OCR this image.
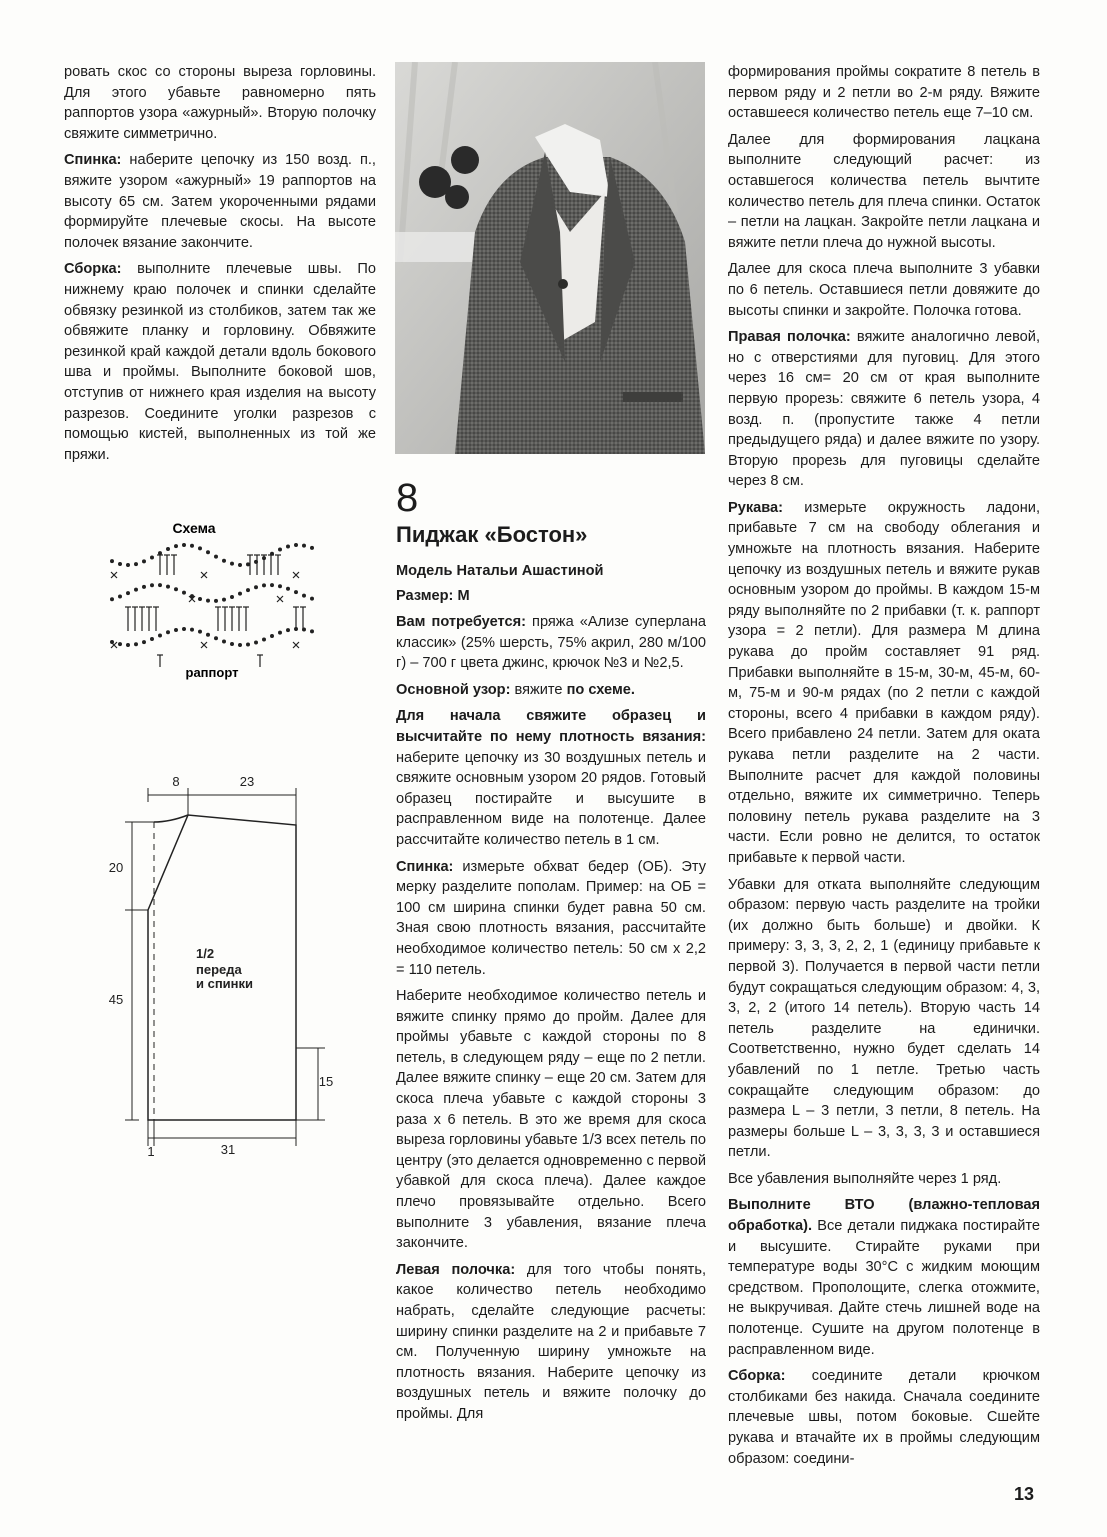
ровать скос со стороны выреза горловины. Для этого убавьте равномерно пять раппортов узора «ажурный». Вторую полочку свяжите симметрично.

Спинка: наберите цепочку из 150 возд. п., вяжите узором «ажурный» 19 раппортов на высоту 65 см. Затем укороченными рядами формируйте плечевые скосы. На высоте полочек вязание закончите.

Сборка: выполните плечевые швы. По нижнему краю полочек и спинки сделайте обвязку резинкой из столбиков, затем так же обвяжите планку и горловину. Обвяжите резинкой край каждой детали вдоль бокового шва и проймы. Выполните боковой шов, отступив от нижнего края изделия на высоту разрезов. Соедините уголки разрезов с помощью кистей, выполненных из той же пряжи.

Схема
раппорт
8	23
20
45
15
1	31
1/2
переда
и спинки
8
Пиджак «Бостон»
Модель Натальи Ашастиной
Размер: М

Вам потребуется: пряжа «Ализе суперлана классик» (25% шерсть, 75% акрил, 280 м/100 г) – 700 г цвета джинс, крючок №3 и №2,5.

Основной узор: вяжите по схеме.

Для начала свяжите образец и высчитайте по нему плотность вязания: наберите цепочку из 30 воздушных петель и свяжите основным узором 20 рядов. Готовый образец постирайте и высушите в расправленном виде на полотенце. Далее рассчитайте количество петель в 1 см.

Спинка: измерьте обхват бедер (ОБ). Эту мерку разделите пополам. Пример: на ОБ = 100 см ширина спинки будет равна 50 см. Зная свою плотность вязания, рассчитайте необходимое количество петель: 50 см х 2,2 = 110 петель.

Наберите необходимое количество петель и вяжите спинку прямо до пройм. Далее для проймы убавьте с каждой стороны по 8 петель, в следующем ряду – еще по 2 петли. Далее вяжите спинку – еще 20 см. Затем для скоса плеча убавьте с каждой стороны 3 раза х 6 петель. В это же время для скоса выреза горловины убавьте 1/3 всех петель по центру (это делается одновременно с первой убавкой для скоса плеча). Далее каждое плечо провязывайте отдельно. Всего выполните 3 убавления, вязание плеча закончите.

Левая полочка: для того чтобы понять, какое количество петель необходимо набрать, сделайте следующие расчеты: ширину спинки разделите на 2 и прибавьте 7 см. Полученную ширину умножьте на плотность вязания. Наберите цепочку из воздушных петель и вяжите полочку до проймы. Для

формирования проймы сократите 8 петель в первом ряду и 2 петли во 2-м ряду. Вяжите оставшееся количество петель еще 7–10 см.

Далее для формирования лацкана выполните следующий расчет: из оставшегося количества петель вычтите количество петель для плеча спинки. Остаток – петли на лацкан. Закройте петли лацкана и вяжите петли плеча до нужной высоты.

Далее для скоса плеча выполните 3 убавки по 6 петель. Оставшиеся петли довяжите до высоты спинки и закройте. Полочка готова.

Правая полочка: вяжите аналогично левой, но с отверстиями для пуговиц. Для этого через 16 см= 20 см от края выполните первую прорезь: свяжите 6 петель узора, 4 возд. п. (пропустите также 4 петли предыдущего ряда) и далее вяжите по узору. Вторую прорезь для пуговицы сделайте через 8 см.

Рукава: измерьте окружность ладони, прибавьте 7 см на свободу облегания и умножьте на плотность вязания. Наберите цепочку из воздушных петель и вяжите рукав основным узором до проймы. В каждом 15-м ряду выполняйте по 2 прибавки (т. к. раппорт узора = 2 петли). Для размера М длина рукава до пройм составляет 91 ряд. Прибавки выполняйте в 15-м, 30-м, 45-м, 60-м, 75-м и 90-м рядах (по 2 петли с каждой стороны, всего 4 прибавки в каждом ряду). Всего прибавлено 24 петли. Затем для оката рукава петли разделите на 2 части. Выполните расчет для каждой половины отдельно, вяжите их симметрично. Теперь половину петель рукава разделите на 3 части. Если ровно не делится, то остаток прибавьте к первой части.

Убавки для отката выполняйте следующим образом: первую часть разделите на тройки (их должно быть больше) и двойки. К примеру: 3, 3, 3, 2, 2, 1 (единицу прибавьте к первой 3). Получается в первой части петли будут сокращаться следующим образом: 4, 3, 3, 2, 2 (итого 14 петель). Вторую часть 14 петель разделите на единички. Соответственно, нужно будет сделать 14 убавлений по 1 петле. Третью часть сокращайте следующим образом: до размера L – 3 петли, 3 петли, 8 петель. На размеры больше L – 3, 3, 3, 3 и оставшиеся петли.

Все убавления выполняйте через 1 ряд.

Выполните ВТО (влажно-тепловая обработка). Все детали пиджака постирайте и высушите. Стирайте руками при температуре воды 30°С с жидким моющим средством. Прополощите, слегка отожмите, не выкручивая. Дайте стечь лишней воде на полотенце. Сушите на другом полотенце в расправленном виде.

Сборка: соедините детали крючком столбиками без накида. Сначала соедините плечевые швы, потом боковые. Сшейте рукава и втачайте их в проймы следующим образом: соедини-

13
